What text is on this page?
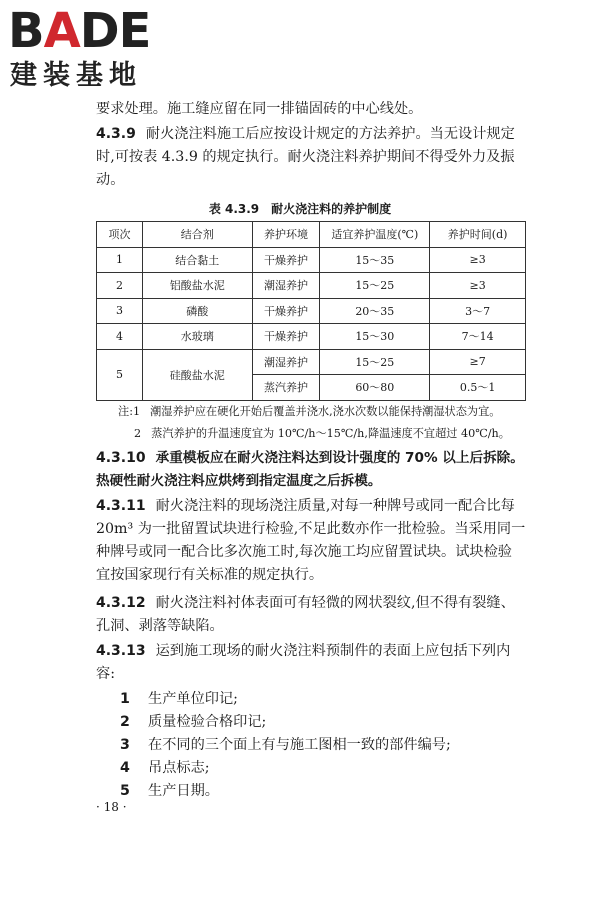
BADE
建装基地
要求处理。施工缝应留在同一排锚固砖的中心线处。
4.3.9 耐火浇注料施工后应按设计规定的方法养护。当无设计规定时,可按表 4.3.9 的规定执行。耐火浇注料养护期间不得受外力及振动。
表 4.3.9　耐火浇注料的养护制度
项次	结合剂	养护环境	适宜养护温度(℃)	养护时间(d)
1	结合黏土	干燥养护	15～35	≥3
2	铝酸盐水泥	潮湿养护	15～25	≥3
3	磷酸	干燥养护	20～35	3～7
4	水玻璃	干燥养护	15～30	7～14
5	硅酸盐水泥	潮湿养护	15～25	≥7
		蒸汽养护	60～80	0.5～1
注:1 潮湿养护应在硬化开始后覆盖并浇水,浇水次数以能保持潮湿状态为宜。
2 蒸汽养护的升温速度宜为 10℃/h～15℃/h,降温速度不宜超过 40℃/h。
4.3.10 承重模板应在耐火浇注料达到设计强度的 70% 以上后拆除。热硬性耐火浇注料应烘烤到指定温度之后拆模。
4.3.11 耐火浇注料的现场浇注质量,对每一种牌号或同一配合比每 20m³ 为一批留置试块进行检验,不足此数亦作一批检验。当采用同一种牌号或同一配合比多次施工时,每次施工均应留置试块。试块检验宜按国家现行有关标准的规定执行。
4.3.12 耐火浇注料衬体表面可有轻微的网状裂纹,但不得有裂缝、孔洞、剥落等缺陷。
4.3.13 运到施工现场的耐火浇注料预制件的表面上应包括下列内容:
1 生产单位印记;
2 质量检验合格印记;
3 在不同的三个面上有与施工图相一致的部件编号;
4 吊点标志;
5 生产日期。
· 18 ·
